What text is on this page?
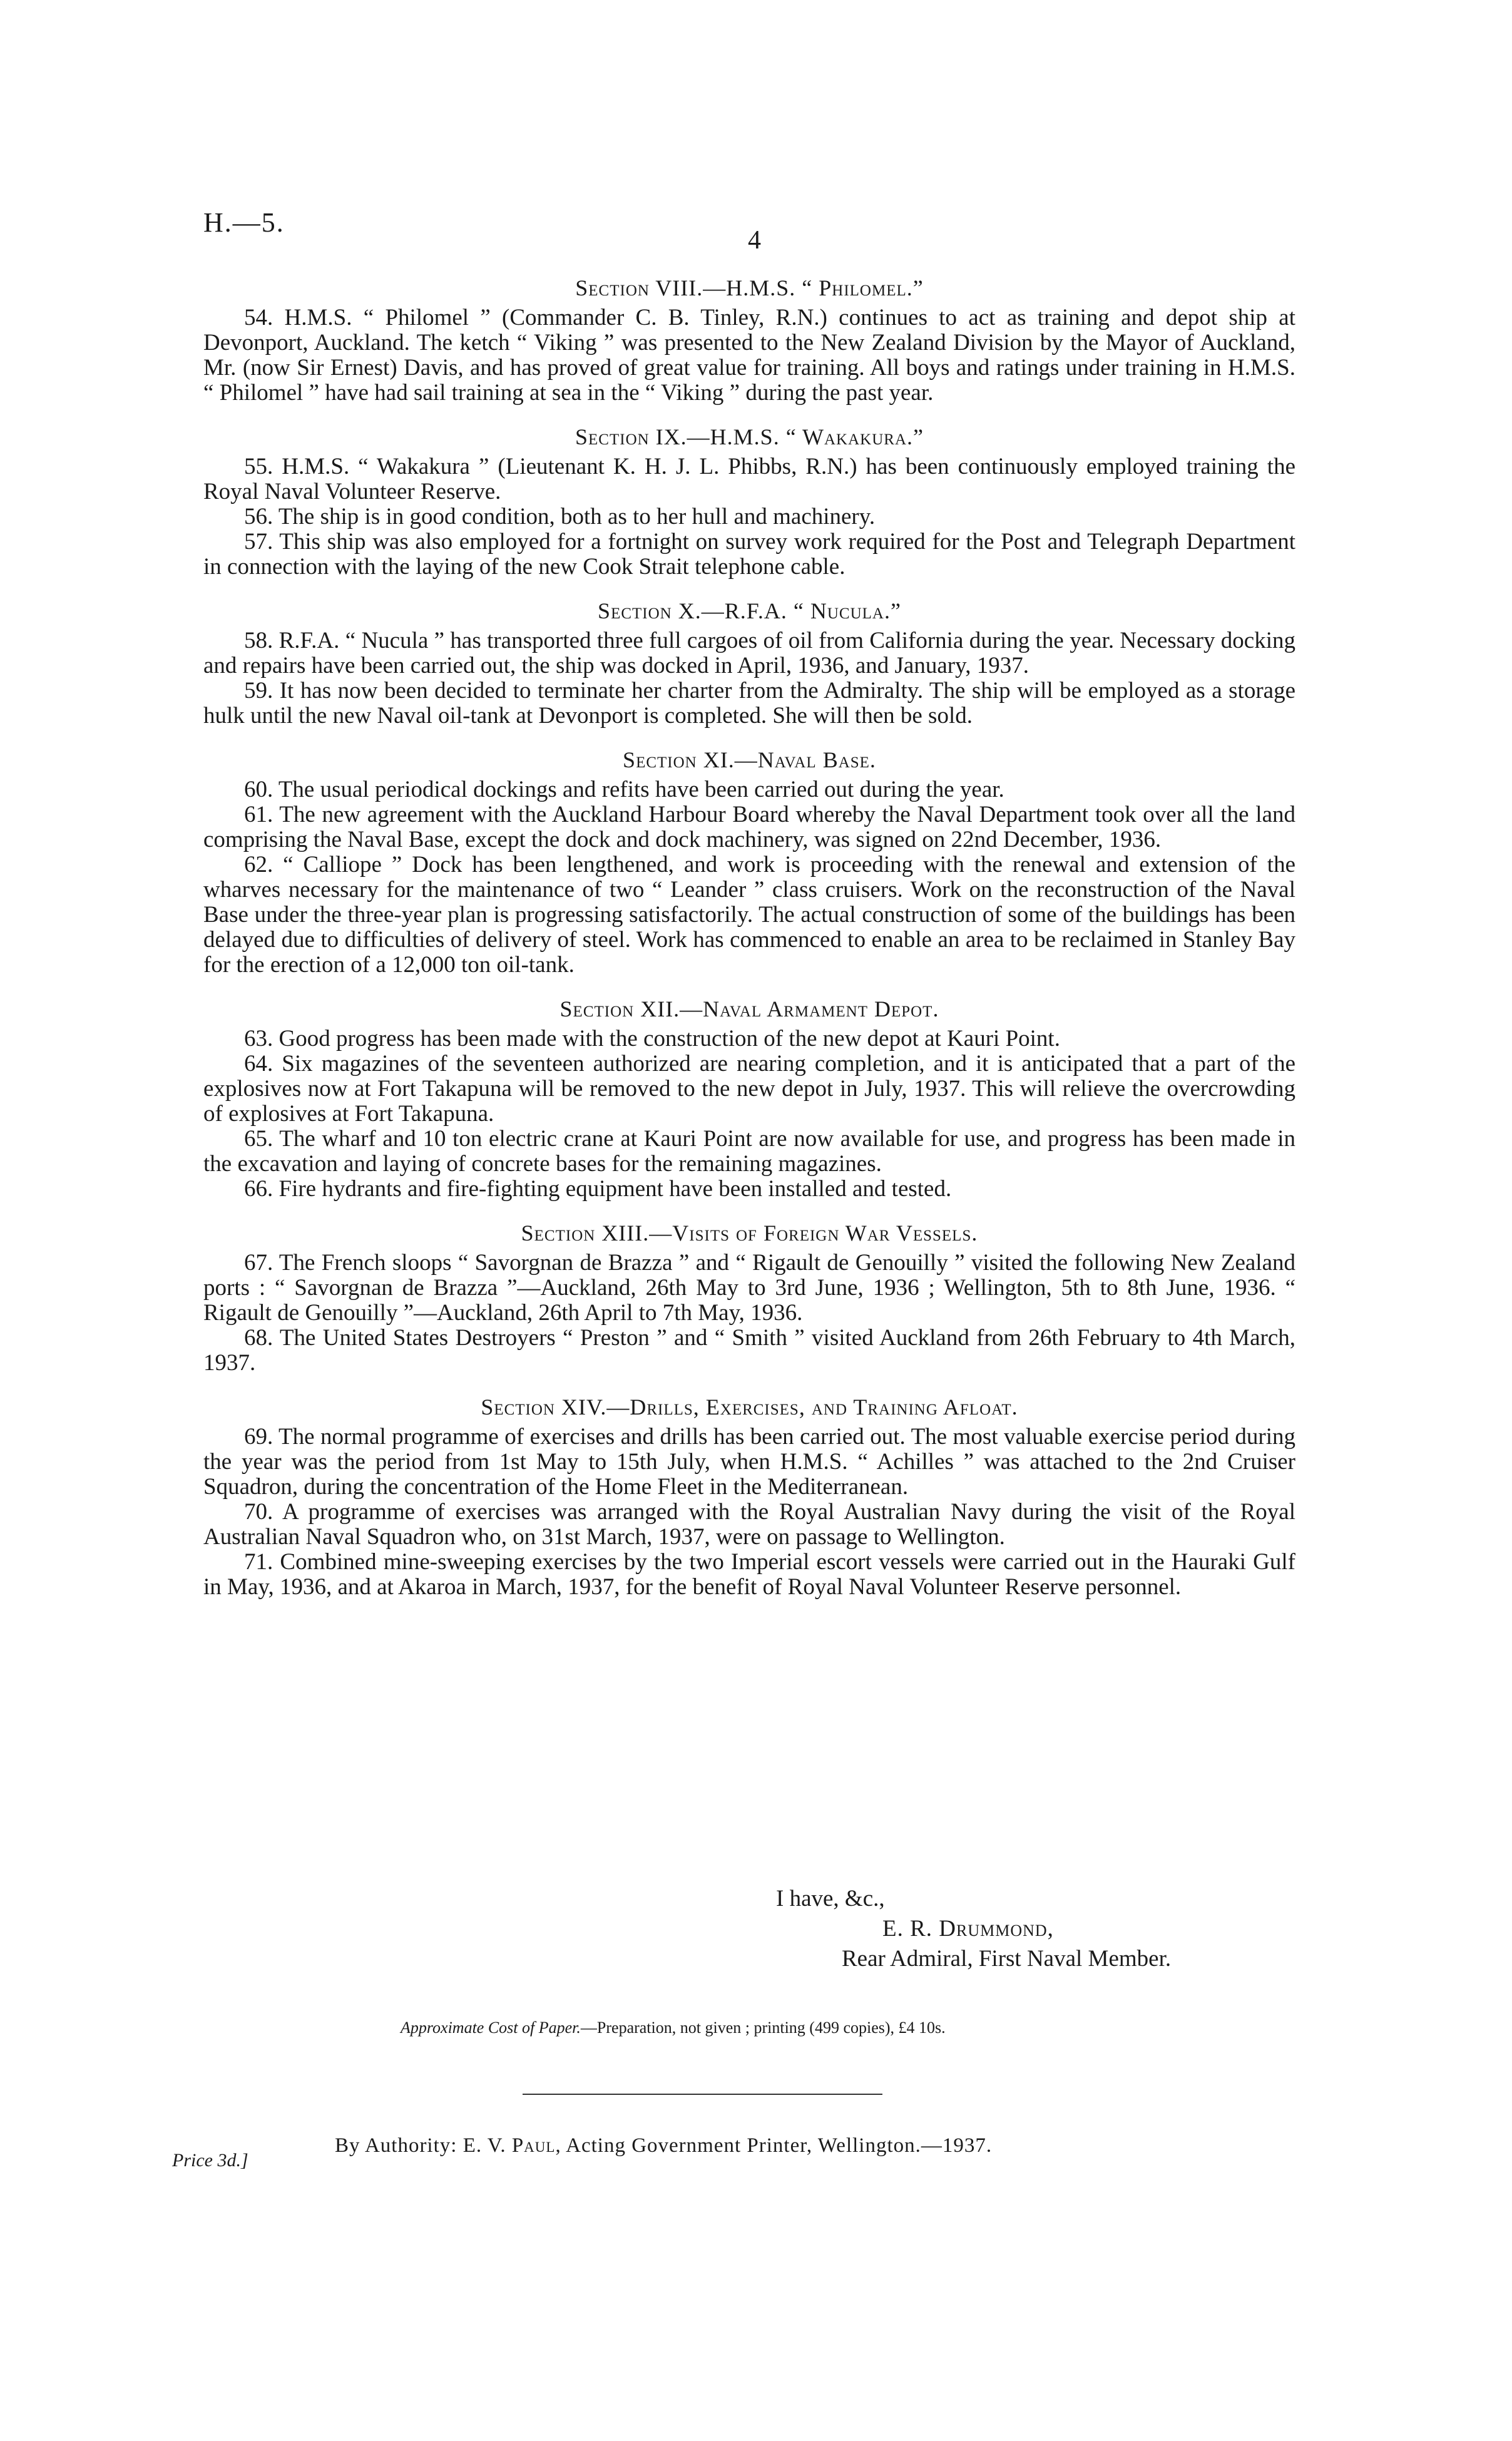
H.—5.
4
Section VIII.—H.M.S. “ Philomel.”

54. H.M.S. “ Philomel ” (Commander C. B. Tinley, R.N.) continues to act as training and depot ship at Devonport, Auckland. The ketch “ Viking ” was presented to the New Zealand Division by the Mayor of Auckland, Mr. (now Sir Ernest) Davis, and has proved of great value for training. All boys and ratings under training in H.M.S. “ Philomel ” have had sail training at sea in the “ Viking ” during the past year.

Section IX.—H.M.S. “ Wakakura.”

55. H.M.S. “ Wakakura ” (Lieutenant K. H. J. L. Phibbs, R.N.) has been continuously employed training the Royal Naval Volunteer Reserve.

56. The ship is in good condition, both as to her hull and machinery.

57. This ship was also employed for a fortnight on survey work required for the Post and Telegraph Department in connection with the laying of the new Cook Strait telephone cable.

Section X.—R.F.A. “ Nucula.”

58. R.F.A. “ Nucula ” has transported three full cargoes of oil from California during the year. Necessary docking and repairs have been carried out, the ship was docked in April, 1936, and January, 1937.

59. It has now been decided to terminate her charter from the Admiralty. The ship will be employed as a storage hulk until the new Naval oil-tank at Devonport is completed. She will then be sold.

Section XI.—Naval Base.

60. The usual periodical dockings and refits have been carried out during the year.

61. The new agreement with the Auckland Harbour Board whereby the Naval Department took over all the land comprising the Naval Base, except the dock and dock machinery, was signed on 22nd December, 1936.

62. “ Calliope ” Dock has been lengthened, and work is proceeding with the renewal and extension of the wharves necessary for the maintenance of two “ Leander ” class cruisers. Work on the reconstruction of the Naval Base under the three-year plan is progressing satisfactorily. The actual construction of some of the buildings has been delayed due to difficulties of delivery of steel. Work has commenced to enable an area to be reclaimed in Stanley Bay for the erection of a 12,000 ton oil-tank.

Section XII.—Naval Armament Depot.

63. Good progress has been made with the construction of the new depot at Kauri Point.

64. Six magazines of the seventeen authorized are nearing completion, and it is anticipated that a part of the explosives now at Fort Takapuna will be removed to the new depot in July, 1937. This will relieve the overcrowding of explosives at Fort Takapuna.

65. The wharf and 10 ton electric crane at Kauri Point are now available for use, and progress has been made in the excavation and laying of concrete bases for the remaining magazines.

66. Fire hydrants and fire-fighting equipment have been installed and tested.

Section XIII.—Visits of Foreign War Vessels.

67. The French sloops “ Savorgnan de Brazza ” and “ Rigault de Genouilly ” visited the following New Zealand ports : “ Savorgnan de Brazza ”—Auckland, 26th May to 3rd June, 1936 ; Wellington, 5th to 8th June, 1936. “ Rigault de Genouilly ”—Auckland, 26th April to 7th May, 1936.

68. The United States Destroyers “ Preston ” and “ Smith ” visited Auckland from 26th February to 4th March, 1937.

Section XIV.—Drills, Exercises, and Training Afloat.

69. The normal programme of exercises and drills has been carried out. The most valuable exercise period during the year was the period from 1st May to 15th July, when H.M.S. “ Achilles ” was attached to the 2nd Cruiser Squadron, during the concentration of the Home Fleet in the Mediterranean.

70. A programme of exercises was arranged with the Royal Australian Navy during the visit of the Royal Australian Naval Squadron who, on 31st March, 1937, were on passage to Wellington.

71. Combined mine-sweeping exercises by the two Imperial escort vessels were carried out in the Hauraki Gulf in May, 1936, and at Akaroa in March, 1937, for the benefit of Royal Naval Volunteer Reserve personnel.

I have, &c.,
E. R. Drummond,
Rear Admiral, First Naval Member.
Approximate Cost of Paper.—Preparation, not given ; printing (499 copies), £4 10s.
Price 3d.]
By Authority: E. V. Paul, Acting Government Printer, Wellington.—1937.
